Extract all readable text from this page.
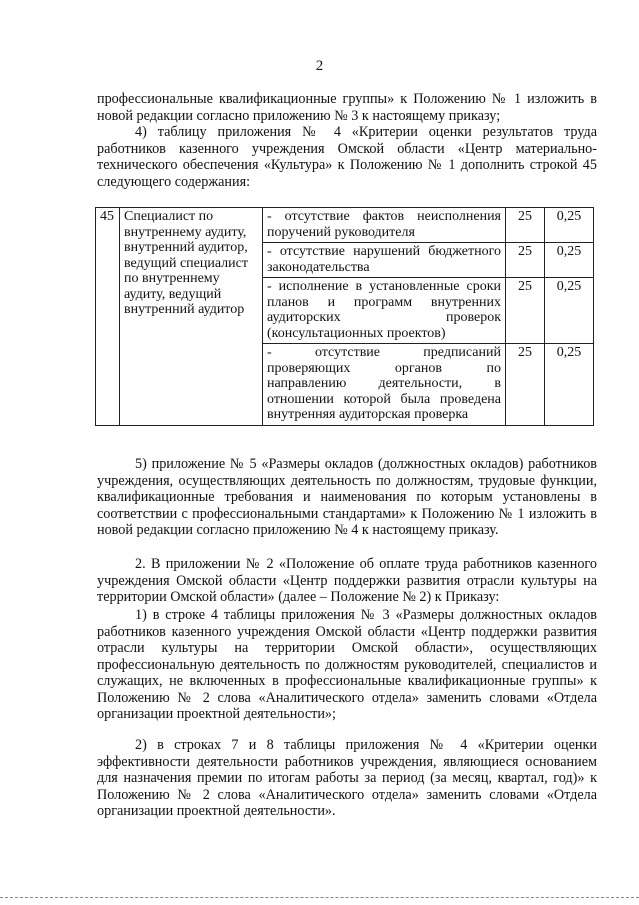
2

профессиональные квалификационные группы» к Положению № 1 изложить в новой редакции согласно приложению № 3 к настоящему приказу;

4) таблицу приложения № 4 «Критерии оценки результатов труда работников казенного учреждения Омской области «Центр материально-технического обеспечения «Культура» к Положению № 1 дополнить строкой 45 следующего содержания:

45	Специалист по внутреннему аудиту, внутренний аудитор, ведущий специалист по внутреннему аудиту, ведущий внутренний аудитор	- отсутствие фактов неисполнения поручений руководителя	25	0,25
		- отсутствие нарушений бюджетного законодательства	25	0,25
		- исполнение в установленные сроки планов и программ внутренних аудиторских проверок (консультационных проектов)	25	0,25
		- отсутствие предписаний проверяющих органов по направлению деятельности, в отношении которой была проведена внутренняя аудиторская проверка	25	0,25

5) приложение № 5 «Размеры окладов (должностных окладов) работников учреждения, осуществляющих деятельность по должностям, трудовые функции, квалификационные требования и наименования по которым установлены в соответствии с профессиональными стандартами» к Положению № 1 изложить в новой редакции согласно приложению № 4 к настоящему приказу.

2. В приложении № 2 «Положение об оплате труда работников казенного учреждения Омской области «Центр поддержки развития отрасли культуры на территории Омской области» (далее – Положение № 2) к Приказу:

1) в строке 4 таблицы приложения № 3 «Размеры должностных окладов работников казенного учреждения Омской области «Центр поддержки развития отрасли культуры на территории Омской области», осуществляющих профессиональную деятельность по должностям руководителей, специалистов и служащих, не включенных в профессиональные квалификационные группы» к Положению № 2 слова «Аналитического отдела» заменить словами «Отдела организации проектной деятельности»;

2) в строках 7 и 8 таблицы приложения № 4 «Критерии оценки эффективности деятельности работников учреждения, являющиеся основанием для назначения премии по итогам работы за период (за месяц, квартал, год)» к Положению № 2 слова «Аналитического отдела» заменить словами «Отдела организации проектной деятельности».
